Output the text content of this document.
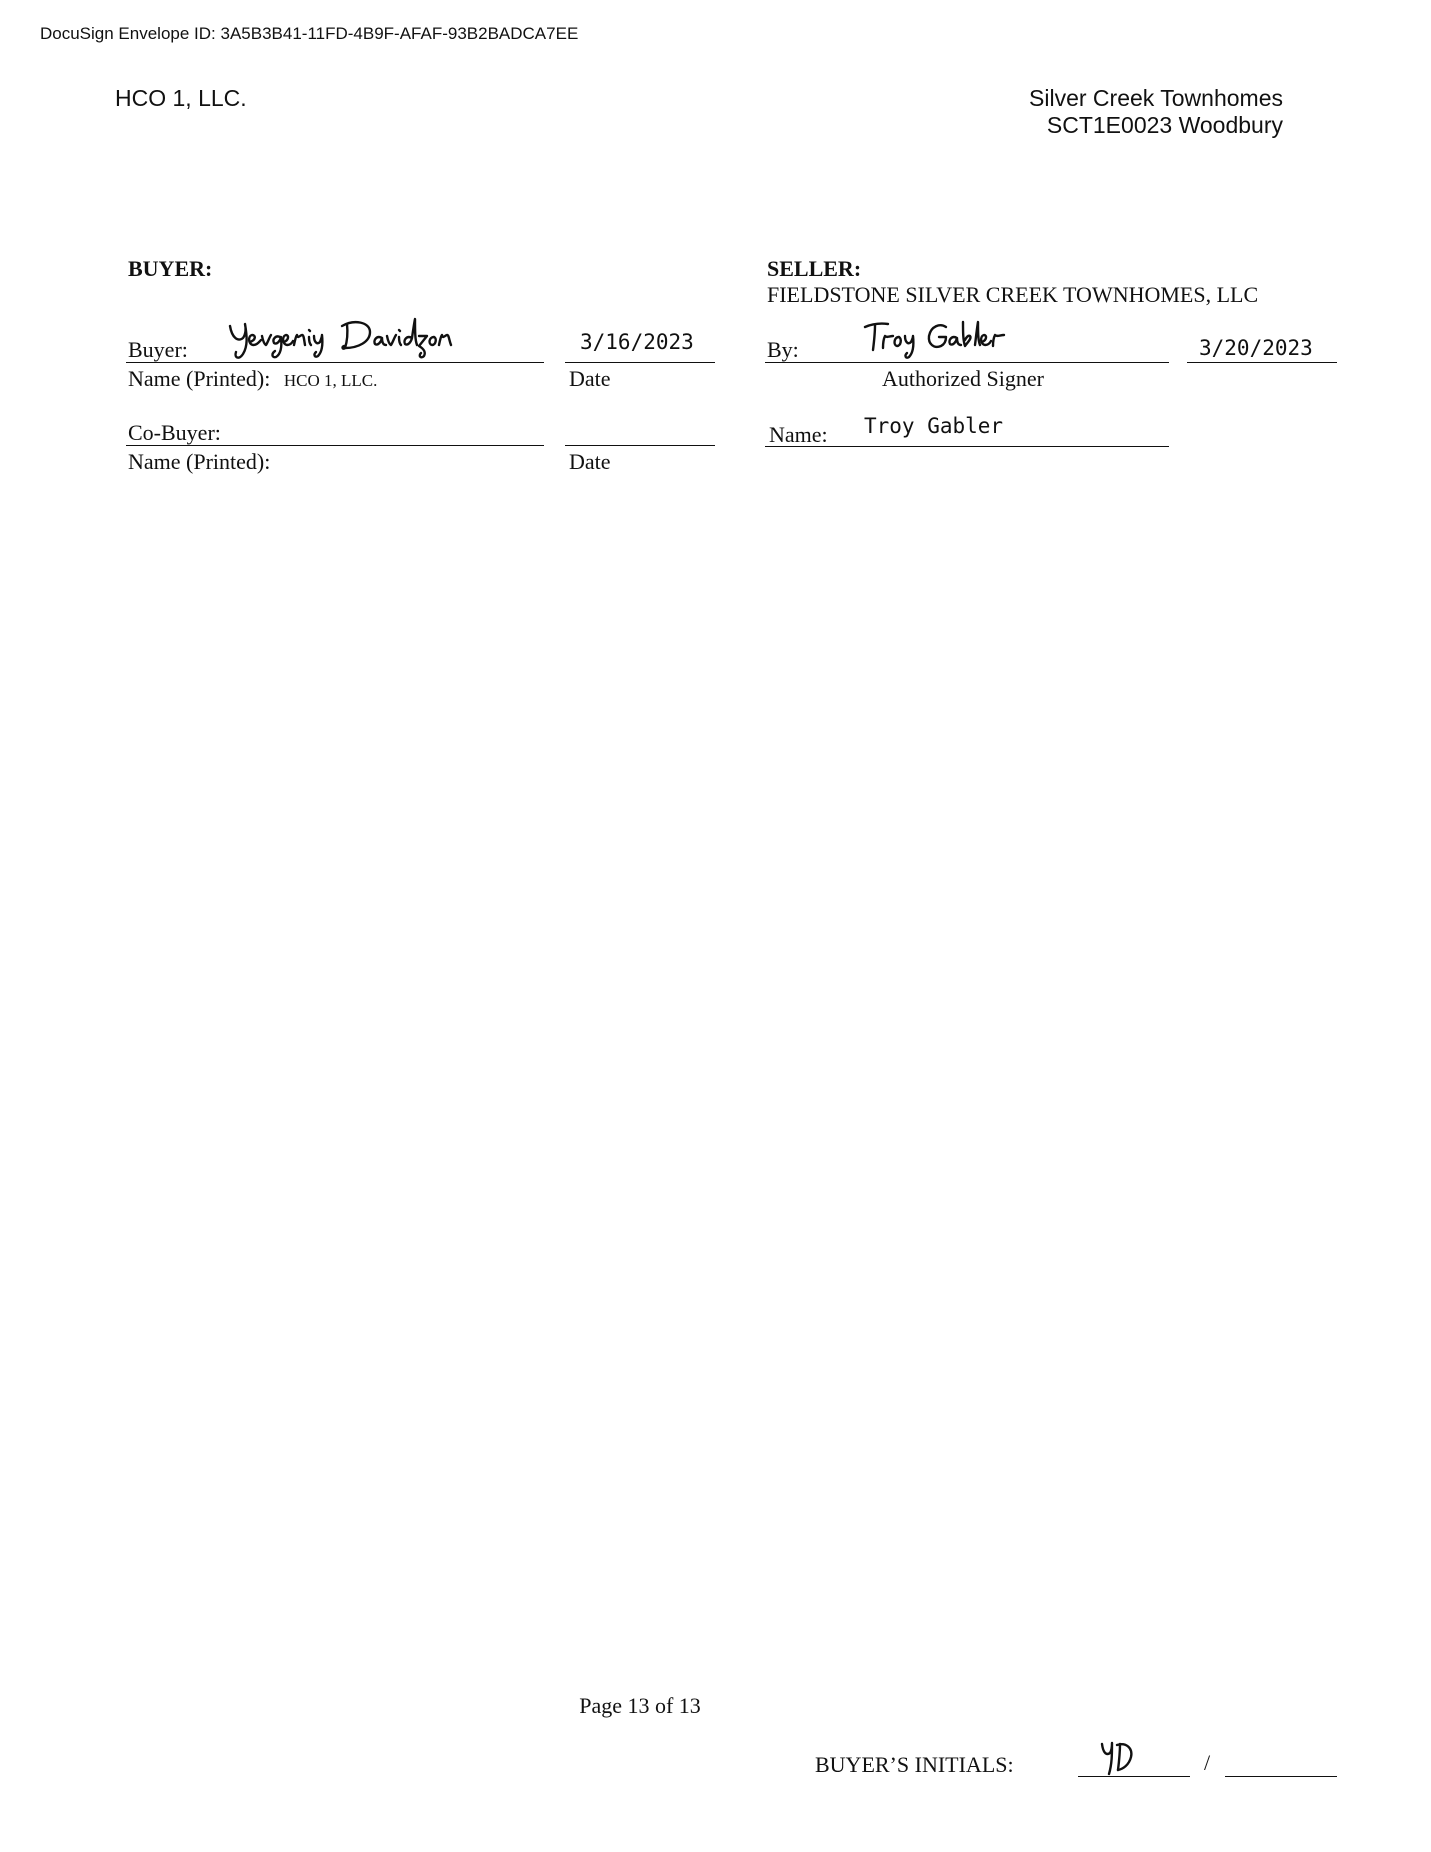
DocuSign Envelope ID: 3A5B3B41-11FD-4B9F-AFAF-93B2BADCA7EE
HCO 1, LLC.	Silver Creek Townhomes
SCT1E0023 Woodbury
BUYER:
Buyer:	3/16/2023
Name (Printed): HCO 1, LLC.	Date
Co-Buyer:
Name (Printed):	Date
SELLER:
FIELDSTONE SILVER CREEK TOWNHOMES, LLC
By:	3/20/2023
Authorized Signer
Name: Troy Gabler
Page 13 of 13
BUYER’S INITIALS:	/
